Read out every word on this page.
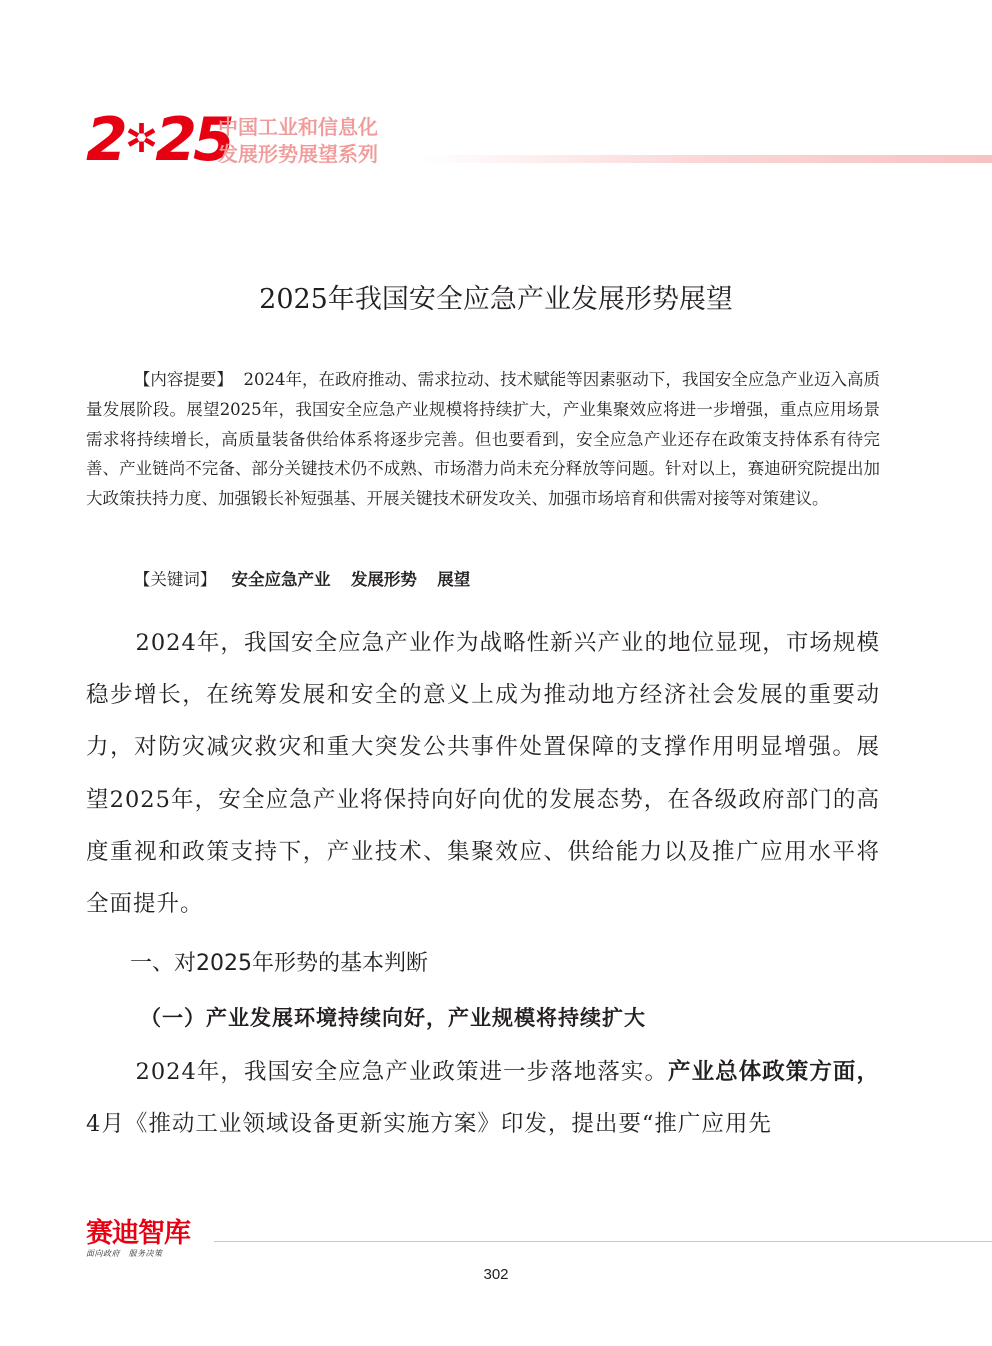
2✲25
中国工业和信息化
发展形势展望系列
2025年我国安全应急产业发展形势展望
【内容提要】 2024年，在政府推动、需求拉动、技术赋能等因素驱动下，我国安全应急产业迈入高质量发展阶段。展望2025年，我国安全应急产业规模将持续扩大，产业集聚效应将进一步增强，重点应用场景需求将持续增长，高质量装备供给体系将逐步完善。但也要看到，安全应急产业还存在政策支持体系有待完善、产业链尚不完备、部分关键技术仍不成熟、市场潜力尚未充分释放等问题。针对以上，赛迪研究院提出加大政策扶持力度、加强锻长补短强基、开展关键技术研发攻关、加强市场培育和供需对接等对策建议。
【关键词】 安全应急产业 发展形势 展望

2024年，我国安全应急产业作为战略性新兴产业的地位显现，市场规模稳步增长，在统筹发展和安全的意义上成为推动地方经济社会发展的重要动力，对防灾减灾救灾和重大突发公共事件处置保障的支撑作用明显增强。展望2025年，安全应急产业将保持向好向优的发展态势，在各级政府部门的高度重视和政策支持下，产业技术、集聚效应、供给能力以及推广应用水平将全面提升。

一、对2025年形势的基本判断
（一）产业发展环境持续向好，产业规模将持续扩大

2024年，我国安全应急产业政策进一步落地落实。产业总体政策方面，4月《推动工业领域设备更新实施方案》印发，提出要“推广应用先

赛迪智库
面向政府　服务决策
302
